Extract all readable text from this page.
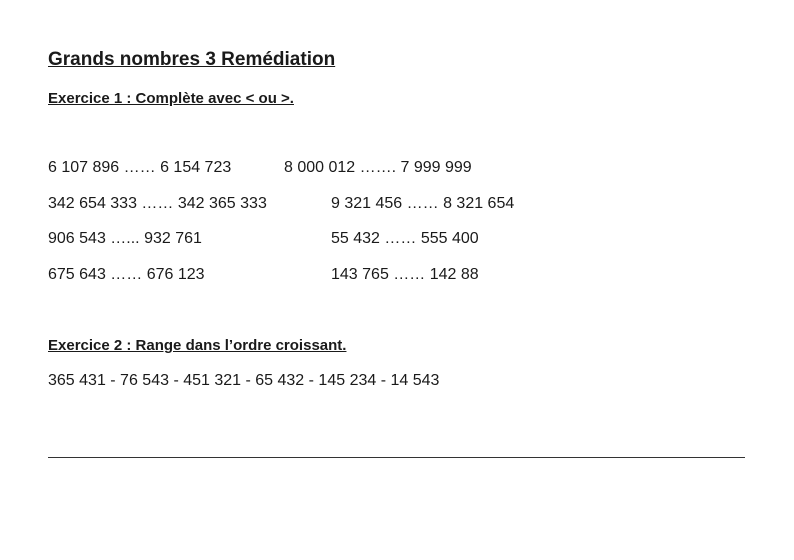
Grands nombres 3 Remédiation
Exercice 1 : Complète avec < ou >.
6 107 896 …… 6 154 723	8 000 012 ……. 7 999 999
342 654 333 …… 342 365 333	9 321 456 …… 8 321 654
906 543 …... 932 761	55 432 …… 555 400
675 643 …… 676 123	143 765 …… 142 88
Exercice 2 : Range dans l’ordre croissant.
365 431 - 76 543 - 451 321 - 65 432 - 145 234 - 14 543
